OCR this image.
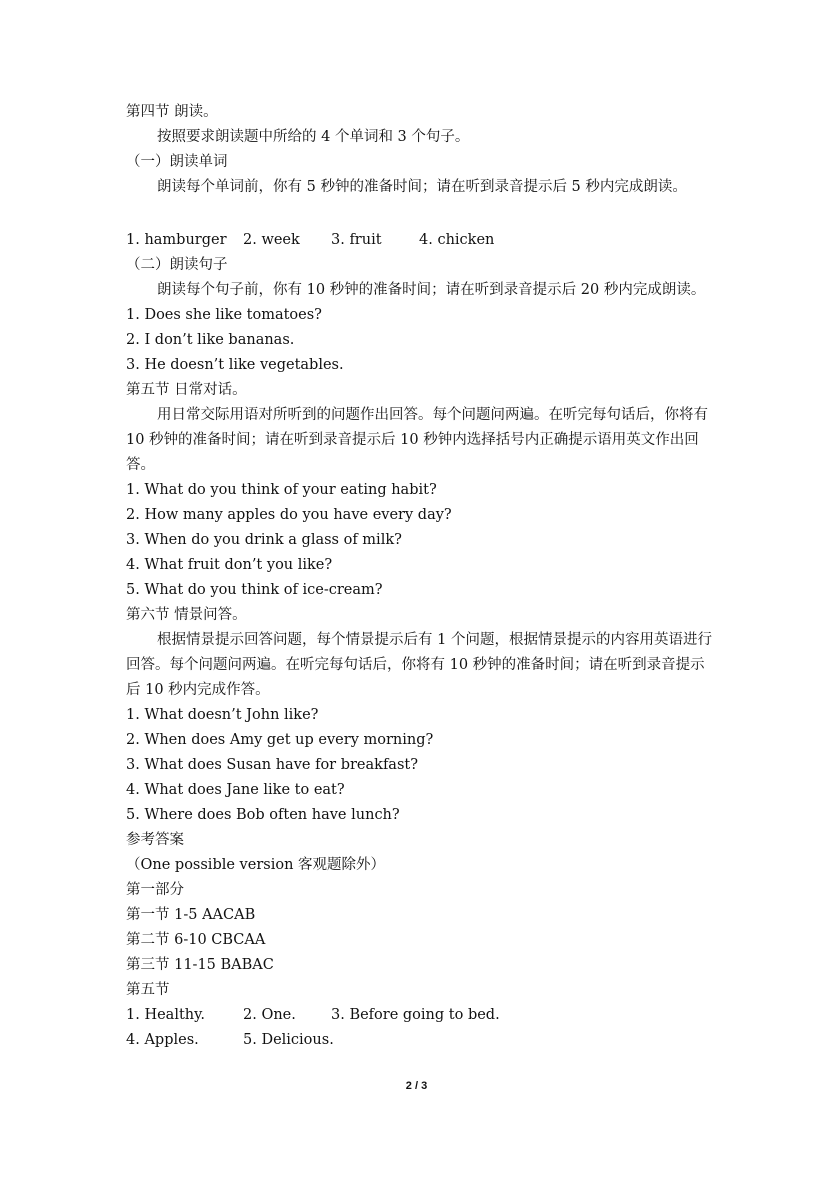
第四节 朗读。
按照要求朗读题中所给的 4 个单词和 3 个句子。
（一）朗读单词
朗读每个单词前，你有 5 秒钟的准备时间；请在听到录音提示后 5 秒内完成朗读。
1. hamburger	2. week	3. fruit	4. chicken
（二）朗读句子
朗读每个句子前，你有 10 秒钟的准备时间；请在听到录音提示后 20 秒内完成朗读。
1. Does she like tomatoes?
2. I don’t like bananas.
3. He doesn’t like vegetables.
第五节 日常对话。
用日常交际用语对所听到的问题作出回答。每个问题问两遍。在听完每句话后，你将有 10 秒钟的准备时间；请在听到录音提示后 10 秒钟内选择括号内正确提示语用英文作出回答。
1. What do you think of your eating habit?
2. How many apples do you have every day?
3. When do you drink a glass of milk?
4. What fruit don’t you like?
5. What do you think of ice-cream?
第六节 情景问答。
根据情景提示回答问题，每个情景提示后有 1 个问题，根据情景提示的内容用英语进行回答。每个问题问两遍。在听完每句话后，你将有 10 秒钟的准备时间；请在听到录音提示后 10 秒内完成作答。
1. What doesn’t John like?
2. When does Amy get up every morning?
3. What does Susan have for breakfast?
4. What does Jane like to eat?
5. Where does Bob often have lunch?
参考答案
（One possible version 客观题除外）
第一部分
第一节 1-5 AACAB
第二节 6-10 CBCAA
第三节 11-15 BABAC
第五节
1. Healthy.	2. One.	3. Before going to bed.
4. Apples.	5. Delicious.
2 / 3
